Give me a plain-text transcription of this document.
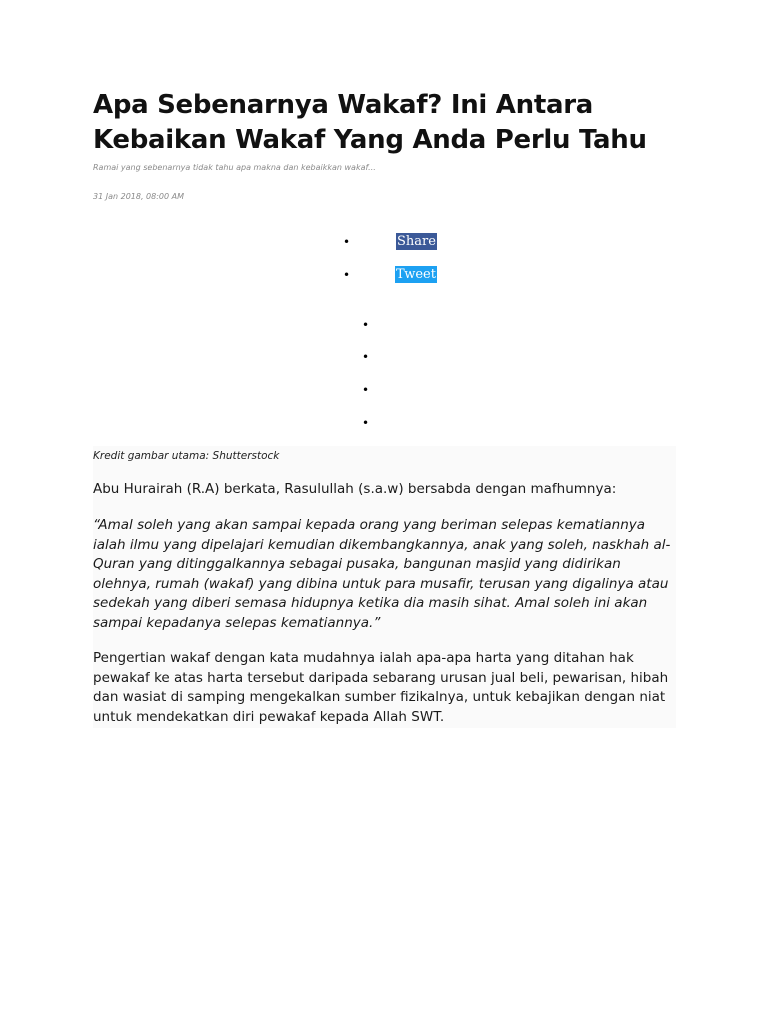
Apa Sebenarnya Wakaf? Ini Antara Kebaikan Wakaf Yang Anda Perlu Tahu

Ramai yang sebenarnya tidak tahu apa makna dan kebaikkan wakaf...

31 Jan 2018, 08:00 AM

•	Share
•	Tweet
•
•
•
•
Kredit gambar utama: Shutterstock

Abu Hurairah (R.A) berkata, Rasulullah (s.a.w) bersabda dengan mafhumnya:

“Amal soleh yang akan sampai kepada orang yang beriman selepas kematiannya ialah ilmu yang dipelajari kemudian dikembangkannya, anak yang soleh, naskhah al-Quran yang ditinggalkannya sebagai pusaka, bangunan masjid yang didirikan olehnya, rumah (wakaf) yang dibina untuk para musafir, terusan yang digalinya atau sedekah yang diberi semasa hidupnya ketika dia masih sihat. Amal soleh ini akan sampai kepadanya selepas kematiannya.”

Pengertian wakaf dengan kata mudahnya ialah apa-apa harta yang ditahan hak pewakaf ke atas harta tersebut daripada sebarang urusan jual beli, pewarisan, hibah dan wasiat di samping mengekalkan sumber fizikalnya, untuk kebajikan dengan niat untuk mendekatkan diri pewakaf kepada Allah SWT.
